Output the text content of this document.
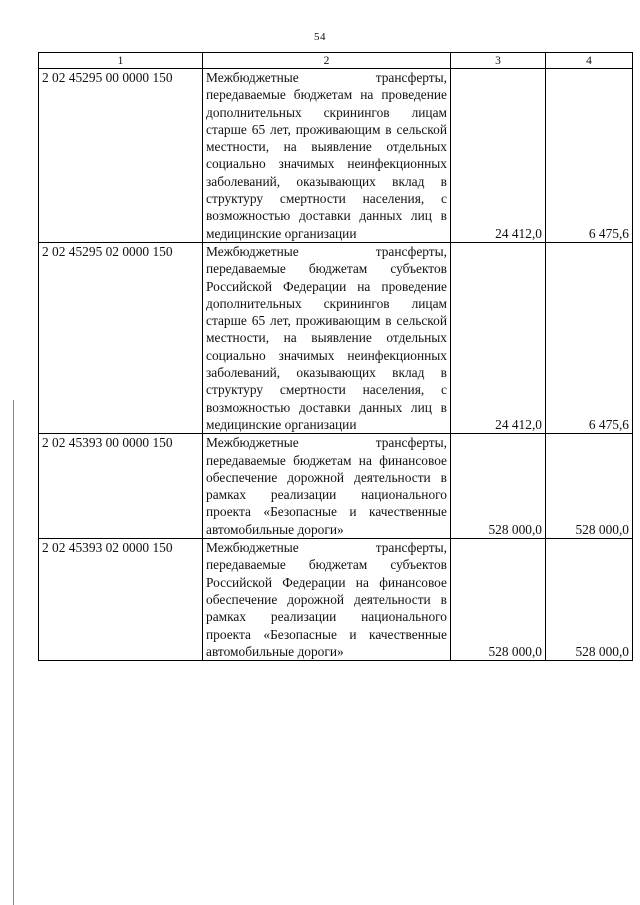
54
1	2	3	4
2 02 45295 00 0000 150	Межбюджетные трансферты, передаваемые бюджетам на проведение дополнительных скринингов лицам старше 65 лет, проживающим в сельской местности, на выявление отдельных социально значимых неинфекционных заболеваний, оказывающих вклад в структуру смертности населения, с возможностью доставки данных лиц в медицинские организации	24 412,0	6 475,6
2 02 45295 02 0000 150	Межбюджетные трансферты, передаваемые бюджетам субъектов Российской Федерации на проведение дополнительных скринингов лицам старше 65 лет, проживающим в сельской местности, на выявление отдельных социально значимых неинфекционных заболеваний, оказывающих вклад в структуру смертности населения, с возможностью доставки данных лиц в медицинские организации	24 412,0	6 475,6
2 02 45393 00 0000 150	Межбюджетные трансферты, передаваемые бюджетам на финансовое обеспечение дорожной деятельности в рамках реализации национального проекта «Безопасные и качественные автомобильные дороги»	528 000,0	528 000,0
2 02 45393 02 0000 150	Межбюджетные трансферты, передаваемые бюджетам субъектов Российской Федерации на финансовое обеспечение дорожной деятельности в рамках реализации национального проекта «Безопасные и качественные автомобильные дороги»	528 000,0	528 000,0
